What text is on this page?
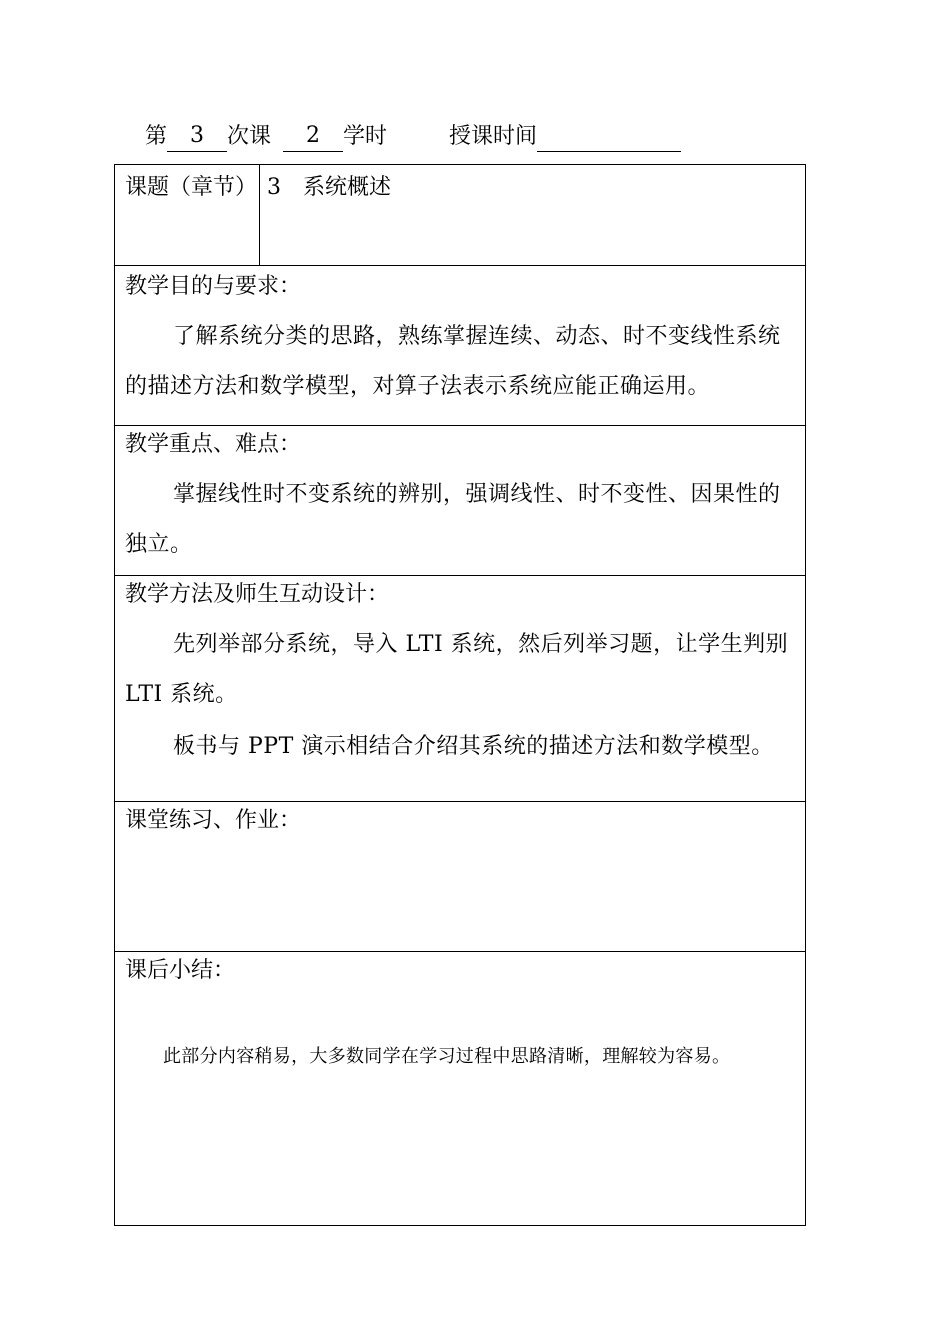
第	3	次课	2	学时	授课时间
课题（章节） 3　系统概述
教学目的与要求：
了解系统分类的思路，熟练掌握连续、动态、时不变线性系统的描述方法和数学模型，对算子法表示系统应能正确运用。
教学重点、难点：
掌握线性时不变系统的辨别，强调线性、时不变性、因果性的独立。
教学方法及师生互动设计：
先列举部分系统，导入 LTI 系统，然后列举习题，让学生判别 LTI 系统。
板书与 PPT 演示相结合介绍其系统的描述方法和数学模型。
课堂练习、作业：
课后小结：
此部分内容稍易，大多数同学在学习过程中思路清晰，理解较为容易。
